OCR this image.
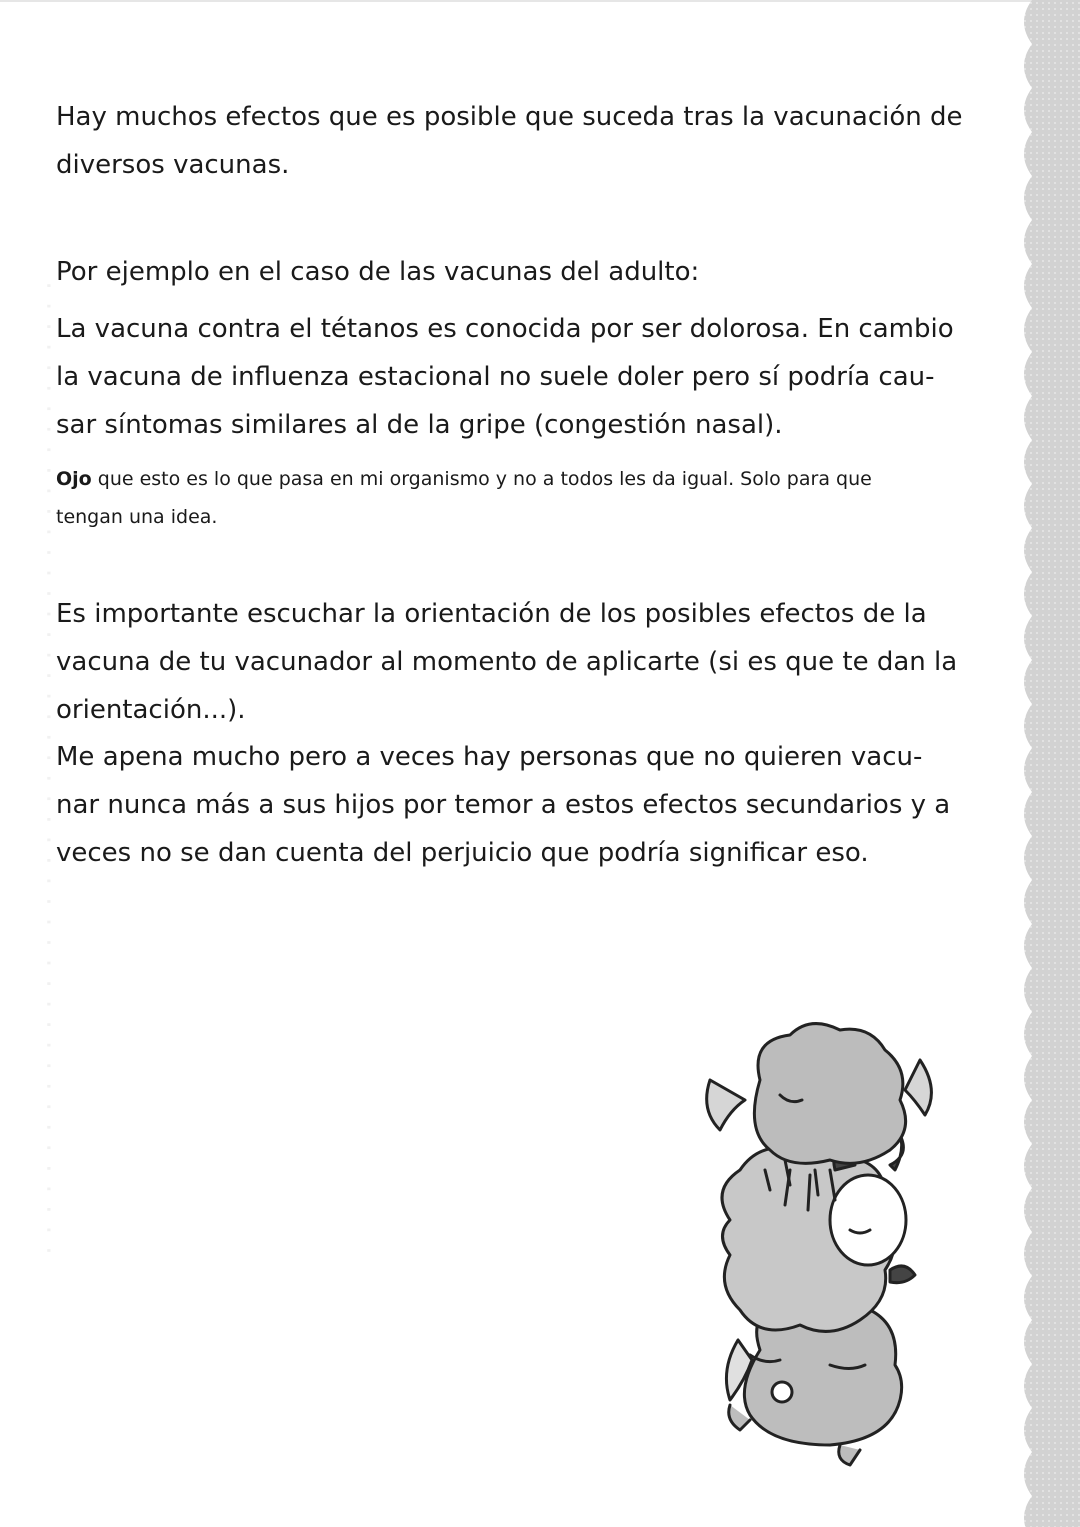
· · · · · · · · · · · · · · · · · · · · · · · · · · · · · · · · · · · · · · · · · · · · · · · ·

Hay muchos efectos que es posible que suceda tras la vacunación de
diversos vacunas.

Por ejemplo en el caso de las vacunas del adulto:

La vacuna contra el tétanos es conocida por ser dolorosa. En cambio
la vacuna de influenza estacional no suele doler pero sí podría cau-
sar síntomas similares al de la gripe (congestión nasal).

Ojo que esto es lo que pasa en mi organismo y no a todos les da igual. Solo para que
tengan una idea.

Es importante escuchar la orientación de los posibles efectos de la
vacuna de tu vacunador al momento de aplicarte (si es que te dan la
orientación...).

Me apena mucho pero a veces hay personas que no quieren vacu-
nar nunca más a sus hijos por temor a estos efectos secundarios y a
veces no se dan cuenta del perjuicio que podría significar eso.
